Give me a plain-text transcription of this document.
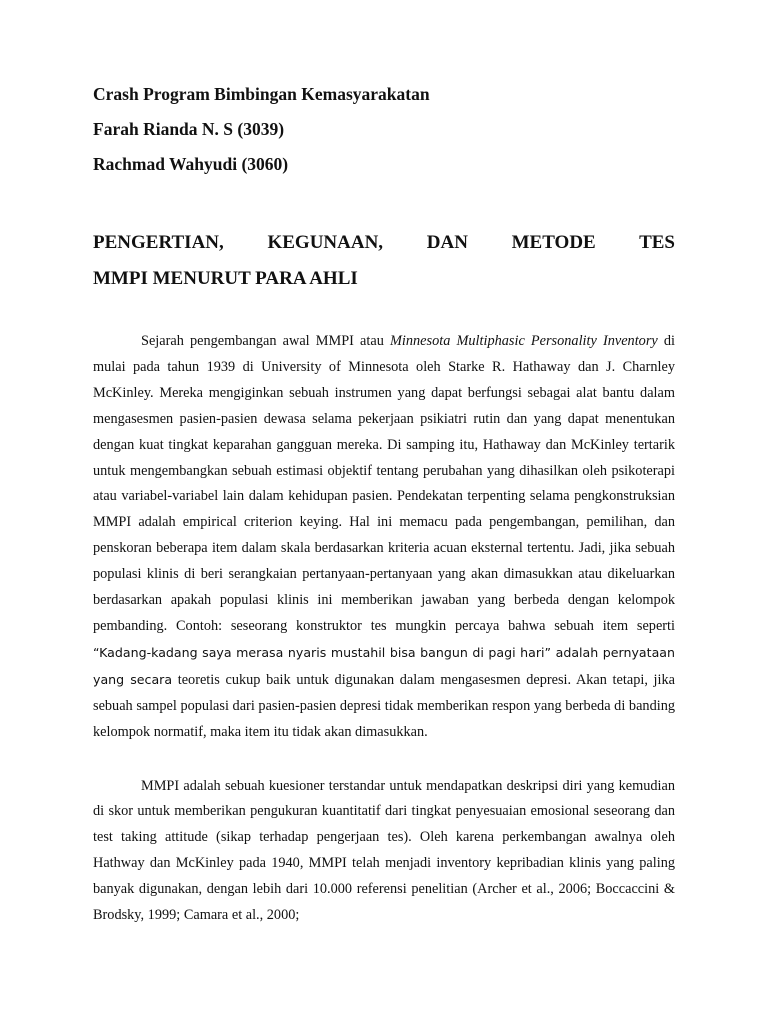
Crash Program Bimbingan Kemasyarakatan

Farah Rianda N. S (3039)

Rachmad Wahyudi (3060)

PENGERTIAN, KEGUNAAN, DAN METODE TES
MMPI MENURUT PARA AHLI

Sejarah pengembangan awal MMPI atau Minnesota Multiphasic Personality Inventory di mulai pada tahun 1939 di University of Minnesota oleh Starke R. Hathaway dan J. Charnley McKinley. Mereka mengiginkan sebuah instrumen yang dapat berfungsi sebagai alat bantu dalam mengasesmen pasien-pasien dewasa selama pekerjaan psikiatri rutin dan yang dapat menentukan dengan kuat tingkat keparahan gangguan mereka. Di samping itu, Hathaway dan McKinley tertarik untuk mengembangkan sebuah estimasi objektif tentang perubahan yang dihasilkan oleh psikoterapi atau variabel-variabel lain dalam kehidupan pasien. Pendekatan terpenting selama pengkonstruksian MMPI adalah empirical criterion keying. Hal ini memacu pada pengembangan, pemilihan, dan penskoran beberapa item dalam skala berdasarkan kriteria acuan eksternal tertentu. Jadi, jika sebuah populasi klinis di beri serangkaian pertanyaan-pertanyaan yang akan dimasukkan atau dikeluarkan berdasarkan apakah populasi klinis ini memberikan jawaban yang berbeda dengan kelompok pembanding. Contoh: seseorang konstruktor tes mungkin percaya bahwa sebuah item seperti “Kadang-kadang saya merasa nyaris mustahil bisa bangun di pagi hari” adalah pernyataan yang secara teoretis cukup baik untuk digunakan dalam mengasesmen depresi. Akan tetapi, jika sebuah sampel populasi dari pasien-pasien depresi tidak memberikan respon yang berbeda di banding kelompok normatif, maka item itu tidak akan dimasukkan.

MMPI adalah sebuah kuesioner terstandar untuk mendapatkan deskripsi diri yang kemudian di skor untuk memberikan pengukuran kuantitatif dari tingkat penyesuaian emosional seseorang dan test taking attitude (sikap terhadap pengerjaan tes). Oleh karena perkembangan awalnya oleh Hathway dan McKinley pada 1940, MMPI telah menjadi inventory kepribadian klinis yang paling banyak digunakan, dengan lebih dari 10.000 referensi penelitian (Archer et al., 2006; Boccaccini & Brodsky, 1999; Camara et al., 2000;
